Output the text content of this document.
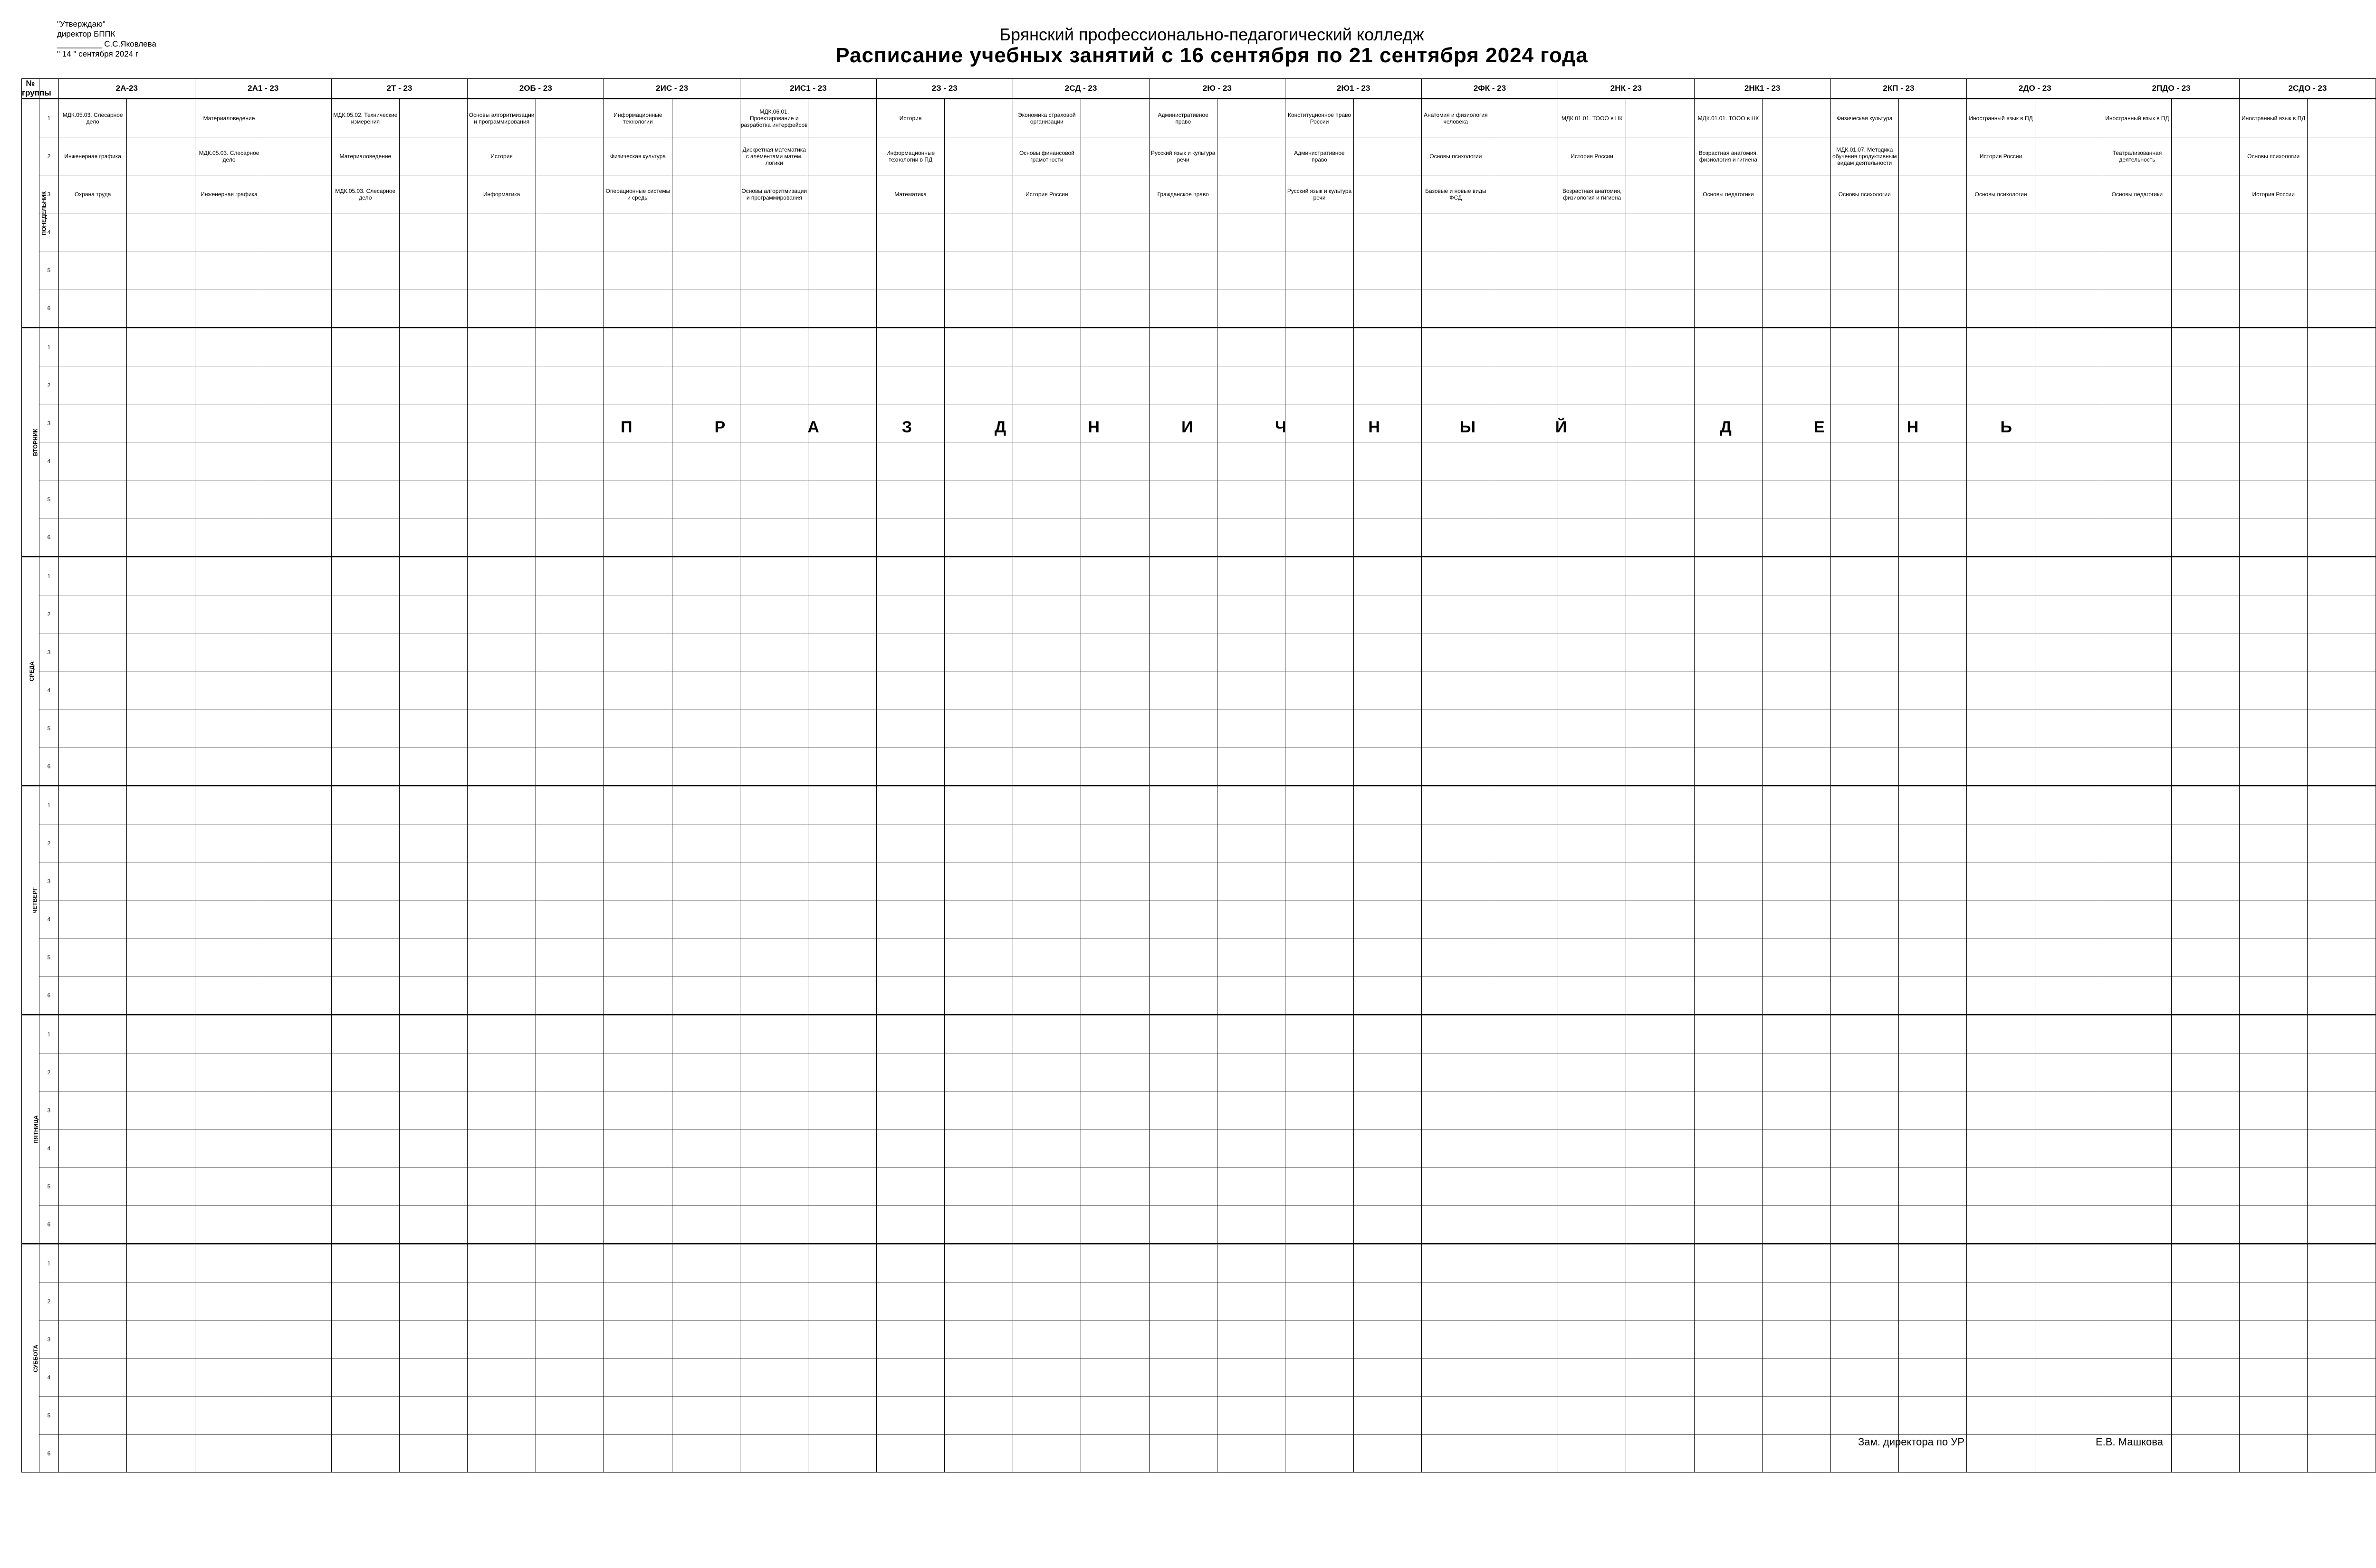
"Утверждаю"
директор БППК
__________ С.С.Яковлева
" 14 " сентября 2024 г
Брянский профессионально-педагогический колледж
Расписание учебных занятий с 16 сентября по 21 сентября 2024 года
№ группы		2А-23		2А1 - 23		2Т - 23		2ОБ - 23		2ИС - 23		2ИС1 - 23		2З - 23		2СД - 23		2Ю - 23		2Ю1 - 23		2ФК - 23		2НК - 23		2НК1 - 23		2КП - 23		2ДО - 23		2ПДО - 23		2СДО - 23	
ПОНЕДЕЛЬНИК	1	МДК.05.03. Слесарное дело		Материаловедение		МДК.05.02. Технические измерения		Основы алгоритмизации и программирования		Информационные технологии		МДК.06.01. Проектирование и разработка интерфейсов		История		Экономика страховой организации		Административное право		Конституционное право России		Анатомия и физиология человека		МДК.01.01. ТООО в НК		МДК.01.01. ТООО в НК		Физическая культура		Иностранный язык в ПД		Иностранный язык в ПД		Иностранный язык в ПД	
	2	Инженерная графика		МДК.05.03. Слесарное дело		Материаловедение		История		Физическая культура		Дискретная математика с элементами матем. логики		Информационные технологии в ПД		Основы финансовой грамотности		Русский язык и культура речи		Административное право		Основы психологии		История России		Возрастная анатомия, физиология и гигиена		МДК.01.07. Методика обучения продуктивным видам деятельности		История России		Театрализованная деятельность		Основы психологии	
	3	Охрана труда		Инженерная графика		МДК.05.03. Слесарное дело		Информатика		Операционные системы и среды		Основы алгоритмизации и программирования		Математика		История России		Гражданское право		Русский язык и культура речи		Базовые и новые виды ФСД		Возрастная анатомия, физиология и гигиена		Основы педагогики		Основы психологии		Основы психологии		Основы педагогики		История России	
	4																																		
	5																																		
	6																																		
ВТОРНИК	1																																		
	2																																		
	3																																		
	4																																		
	5																																		
	6																																		
СРЕДА	1																																		
	2																																		
	3																																		
	4																																		
	5																																		
	6																																		
ЧЕТВЕРГ	1																																		
	2																																		
	3																																		
	4																																		
	5																																		
	6																																		
ПЯТНИЦА	1																																		
	2																																		
	3																																		
	4																																		
	5																																		
	6																																		
СУББОТА	1																																		
	2																																		
	3																																		
	4																																		
	5																																		
	6																																		
П	Р	А	З	Д	Н	И	Ч	Н	Ы	Й	Д	Е	Н	Ь
Зам. директора по УР	Е.В. Машкова
